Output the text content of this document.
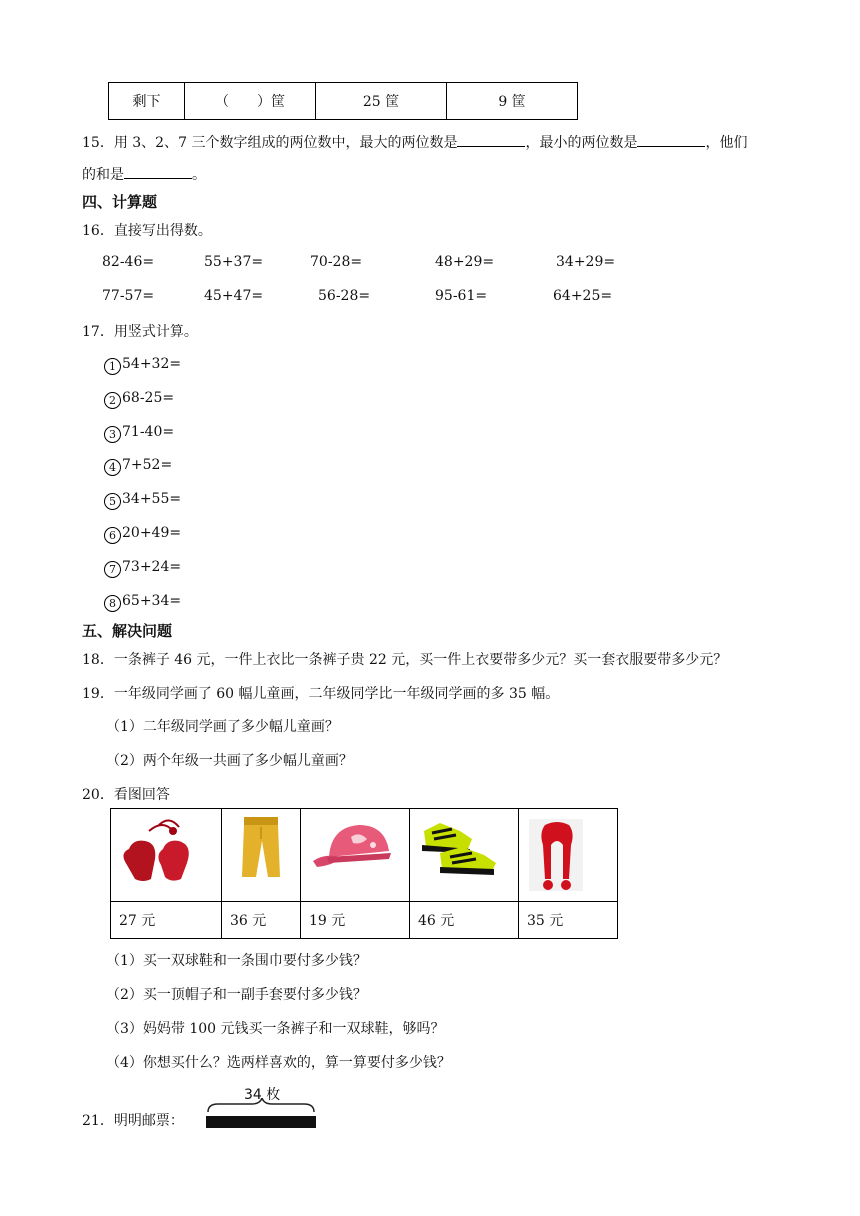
剩下	（　　）筐	25 筐	9 筐
15．用 3、2、7 三个数字组成的两位数中，最大的两位数是	，最小的两位数是	，他们
的和是	。
四、计算题
16．直接写出得数。
82-46=	55+37=	70-28=	48+29=	34+29=
77-57=	45+47=	56-28=	95-61=	64+25=
17．用竖式计算。
1 54+32=
2 68-25=
3 71-40=
4 7+52=
5 34+55=
6 20+49=
7 73+24=
8 65+34=
五、解决问题
18．一条裤子 46 元，一件上衣比一条裤子贵 22 元，买一件上衣要带多少元？买一套衣服要带多少元？
19．一年级同学画了 60 幅儿童画，二年级同学比一年级同学画的多 35 幅。
（1）二年级同学画了多少幅儿童画？
（2）两个年级一共画了多少幅儿童画？
20．看图回答

27 元	36 元	19 元	46 元	35 元
（1）买一双球鞋和一条围巾要付多少钱？
（2）买一顶帽子和一副手套要付多少钱？
（3）妈妈带 100 元钱买一条裤子和一双球鞋，够吗？
（4）你想买什么？选两样喜欢的，算一算要付多少钱？
21．明明邮票：
34 枚
